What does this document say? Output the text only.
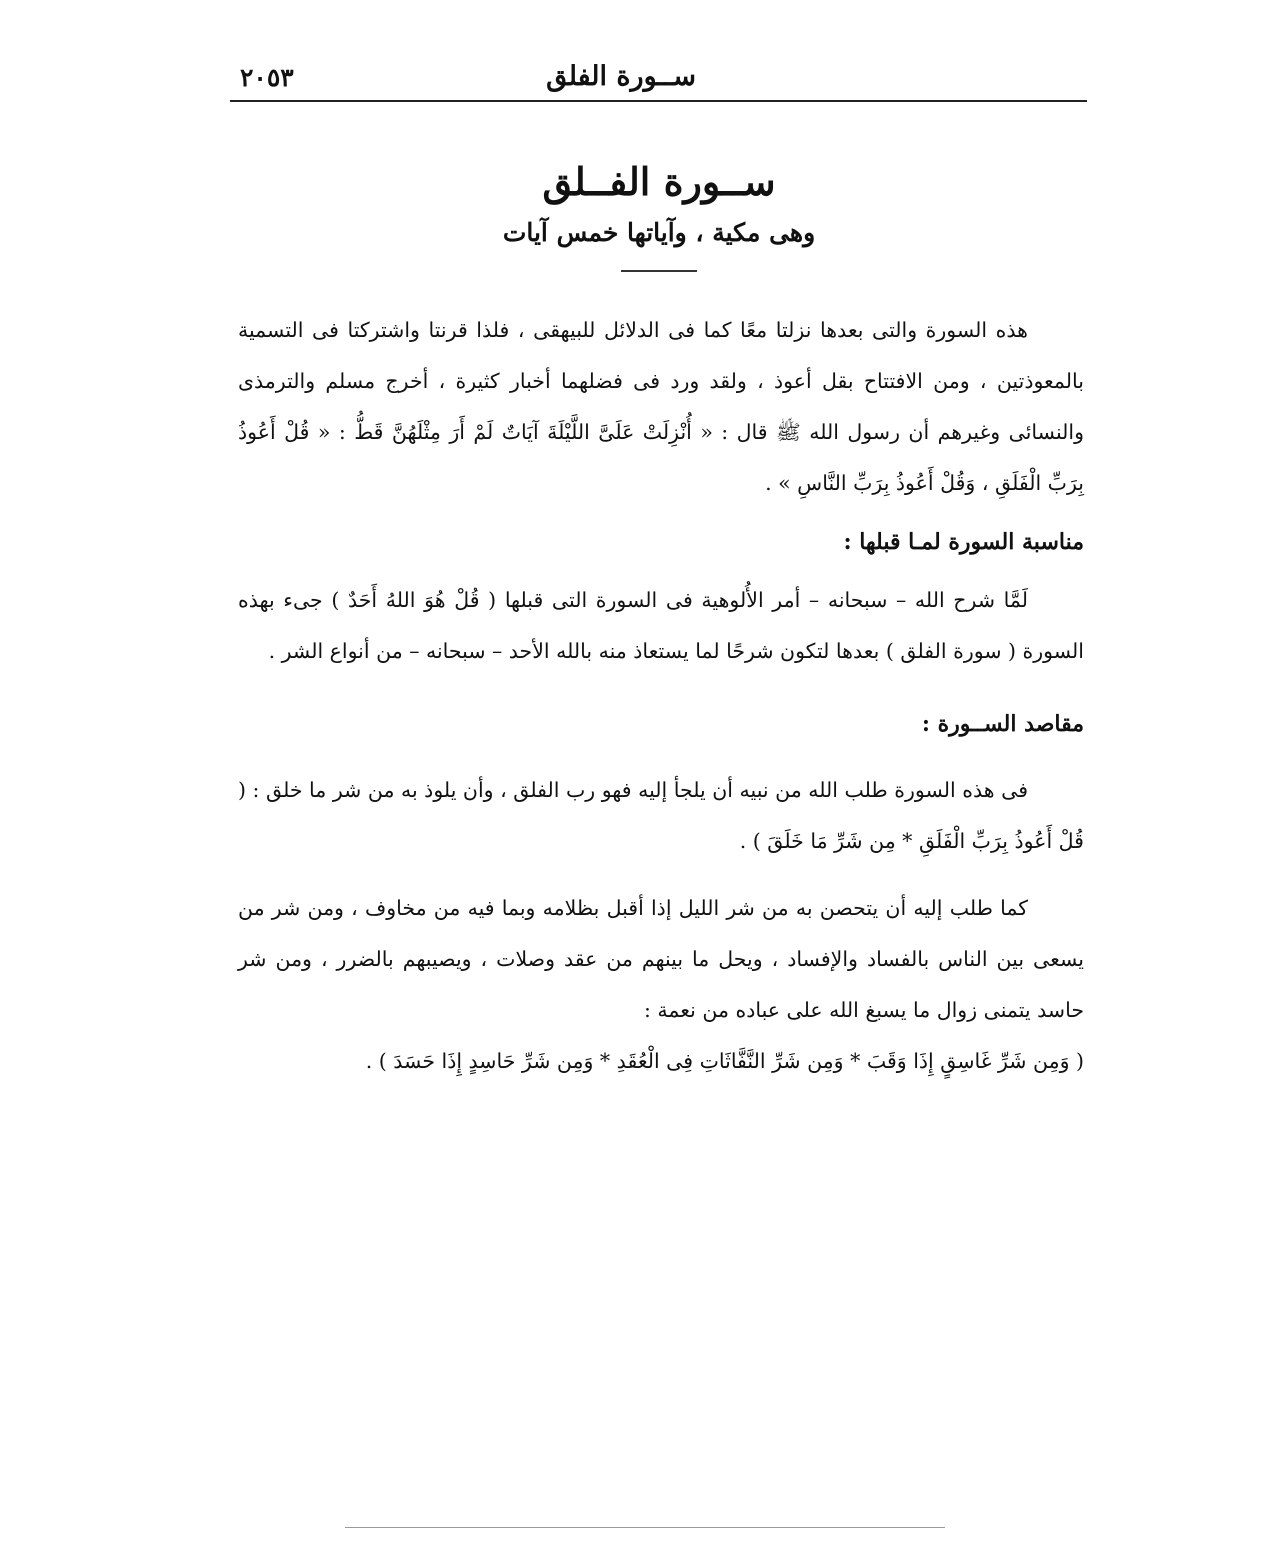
ســورة الفلق
٢٠٥٣
ســورة الفــلق
وهى مكية ، وآياتها خمس آيات

هذه السورة والتى بعدها نزلتا معًا كما فى الدلائل للبيهقى ، فلذا قرنتا واشتركتا فى التسمية بالمعوذتين ، ومن الافتتاح بقل أعوذ ، ولقد ورد فى فضلهما أخبار كثيرة ، أخرج مسلم والترمذى والنسائى وغيرهم أن رسول الله ﷺ قال : « أُنْزِلَتْ عَلَىَّ اللَّيْلَةَ آيَاتٌ لَمْ أَرَ مِثْلَهُنَّ قَطُّ : « قُلْ أَعُوذُ بِرَبِّ الْفَلَقِ ، وَقُلْ أَعُوذُ بِرَبِّ النَّاسِ » .

مناسبة السورة لمـا قبلها :

لَمَّا شرح الله – سبحانه – أمر الأُلوهية فى السورة التى قبلها ( قُلْ هُوَ اللهُ أَحَدٌ ) جىء بهذه السورة ( سورة الفلق ) بعدها لتكون شرحًا لما يستعاذ منه بالله الأحد – سبحانه – من أنواع الشر .

مقاصد الســورة :

فى هذه السورة طلب الله من نبيه أن يلجأ إليه فهو رب الفلق ، وأن يلوذ به من شر ما خلق : ( قُلْ أَعُوذُ بِرَبِّ الْفَلَقِ * مِن شَرِّ مَا خَلَقَ ) .

كما طلب إليه أن يتحصن به من شر الليل إذا أقبل بظلامه وبما فيه من مخاوف ، ومن شر من يسعى بين الناس بالفساد والإفساد ، ويحل ما بينهم من عقد وصلات ، ويصيبهم بالضرر ، ومن شر حاسد يتمنى زوال ما يسبغ الله على عباده من نعمة :

( وَمِن شَرِّ غَاسِقٍ إِذَا وَقَبَ * وَمِن شَرِّ النَّفَّاثَاتِ فِى الْعُقَدِ * وَمِن شَرِّ حَاسِدٍ إِذَا حَسَدَ ) .
